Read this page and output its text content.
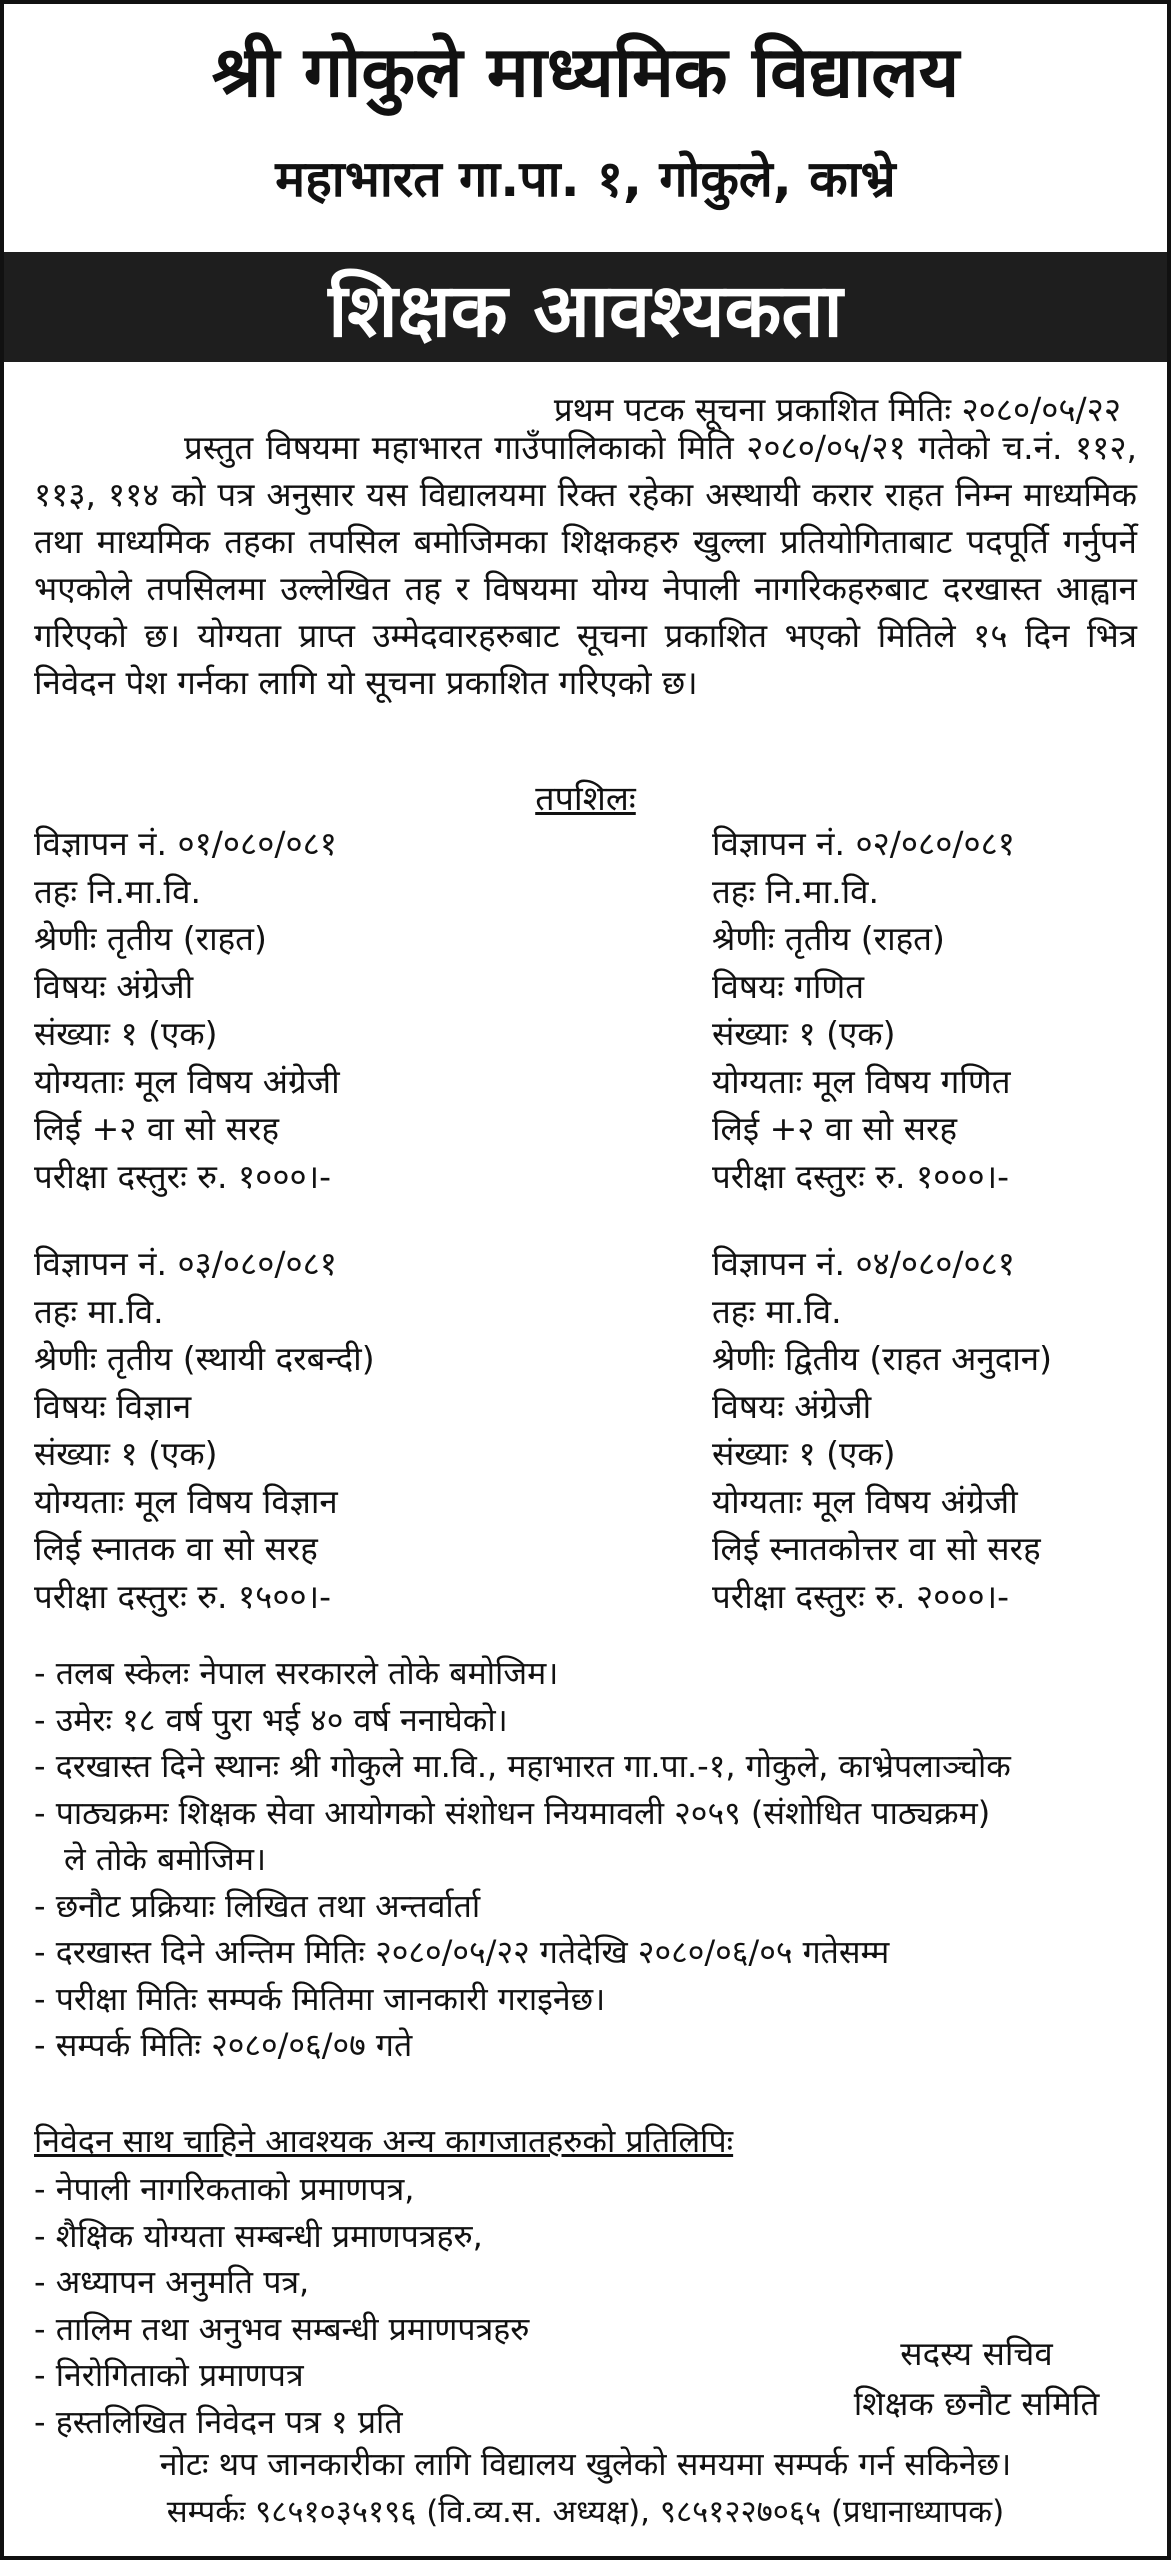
श्री गोकुले माध्यमिक विद्यालय
महाभारत गा.पा. १, गोकुले, काभ्रे
शिक्षक आवश्यकता
प्रथम पटक सूचना प्रकाशित मितिः २०८०/०५/२२
प्रस्तुत विषयमा महाभारत गाउँपालिकाको मिति २०८०/०५/२१ गतेको च.नं. ११२, ११३, ११४ को पत्र अनुसार यस विद्यालयमा रिक्त रहेका अस्थायी करार राहत निम्न माध्यमिक तथा माध्यमिक तहका तपसिल बमोजिमका शिक्षकहरु खुल्ला प्रतियोगिताबाट पदपूर्ति गर्नुपर्ने भएकोले तपसिलमा उल्लेखित तह र विषयमा योग्य नेपाली नागरिकहरुबाट दरखास्त आह्वान गरिएको छ। योग्यता प्राप्त उम्मेदवारहरुबाट सूचना प्रकाशित भएको मितिले १५ दिन भित्र निवेदन पेश गर्नका लागि यो सूचना प्रकाशित गरिएको छ।
तपशिलः
विज्ञापन नं. ०१/०८०/०८१
तहः नि.मा.वि.
श्रेणीः तृतीय (राहत)
विषयः अंग्रेजी
संख्याः १ (एक)
योग्यताः मूल विषय अंग्रेजी
लिई +२ वा सो सरह
परीक्षा दस्तुरः रु. १०००।-
विज्ञापन नं. ०२/०८०/०८१
तहः नि.मा.वि.
श्रेणीः तृतीय (राहत)
विषयः गणित
संख्याः १ (एक)
योग्यताः मूल विषय गणित
लिई +२ वा सो सरह
परीक्षा दस्तुरः रु. १०००।-
विज्ञापन नं. ०३/०८०/०८१
तहः मा.वि.
श्रेणीः तृतीय (स्थायी दरबन्दी)
विषयः विज्ञान
संख्याः १ (एक)
योग्यताः मूल विषय विज्ञान
लिई स्नातक वा सो सरह
परीक्षा दस्तुरः रु. १५००।-
विज्ञापन नं. ०४/०८०/०८१
तहः मा.वि.
श्रेणीः द्वितीय (राहत अनुदान)
विषयः अंग्रेजी
संख्याः १ (एक)
योग्यताः मूल विषय अंग्रेजी
लिई स्नातकोत्तर वा सो सरह
परीक्षा दस्तुरः रु. २०००।-
- तलब स्केलः नेपाल सरकारले तोके बमोजिम।
- उमेरः १८ वर्ष पुरा भई ४० वर्ष ननाघेको।
- दरखास्त दिने स्थानः श्री गोकुले मा.वि., महाभारत गा.पा.-१, गोकुले, काभ्रेपलाञ्चोक
- पाठ्यक्रमः शिक्षक सेवा आयोगको संशोधन नियमावली २०५९ (संशोधित पाठ्यक्रम)
ले तोके बमोजिम।
- छनौट प्रक्रियाः लिखित तथा अन्तर्वार्ता
- दरखास्त दिने अन्तिम मितिः २०८०/०५/२२ गतेदेखि २०८०/०६/०५ गतेसम्म
- परीक्षा मितिः सम्पर्क मितिमा जानकारी गराइनेछ।
- सम्पर्क मितिः २०८०/०६/०७ गते
निवेदन साथ चाहिने आवश्यक अन्य कागजातहरुको प्रतिलिपिः
- नेपाली नागरिकताको प्रमाणपत्र,
- शैक्षिक योग्यता सम्बन्धी प्रमाणपत्रहरु,
- अध्यापन अनुमति पत्र,
- तालिम तथा अनुभव सम्बन्धी प्रमाणपत्रहरु
- निरोगिताको प्रमाणपत्र
- हस्तलिखित निवेदन पत्र १ प्रति
सदस्य सचिव
शिक्षक छनौट समिति
नोटः थप जानकारीका लागि विद्यालय खुलेको समयमा सम्पर्क गर्न सकिनेछ।
सम्पर्कः ९८५१०३५१९६ (वि.व्य.स. अध्यक्ष), ९८५१२२७०६५ (प्रधानाध्यापक)
